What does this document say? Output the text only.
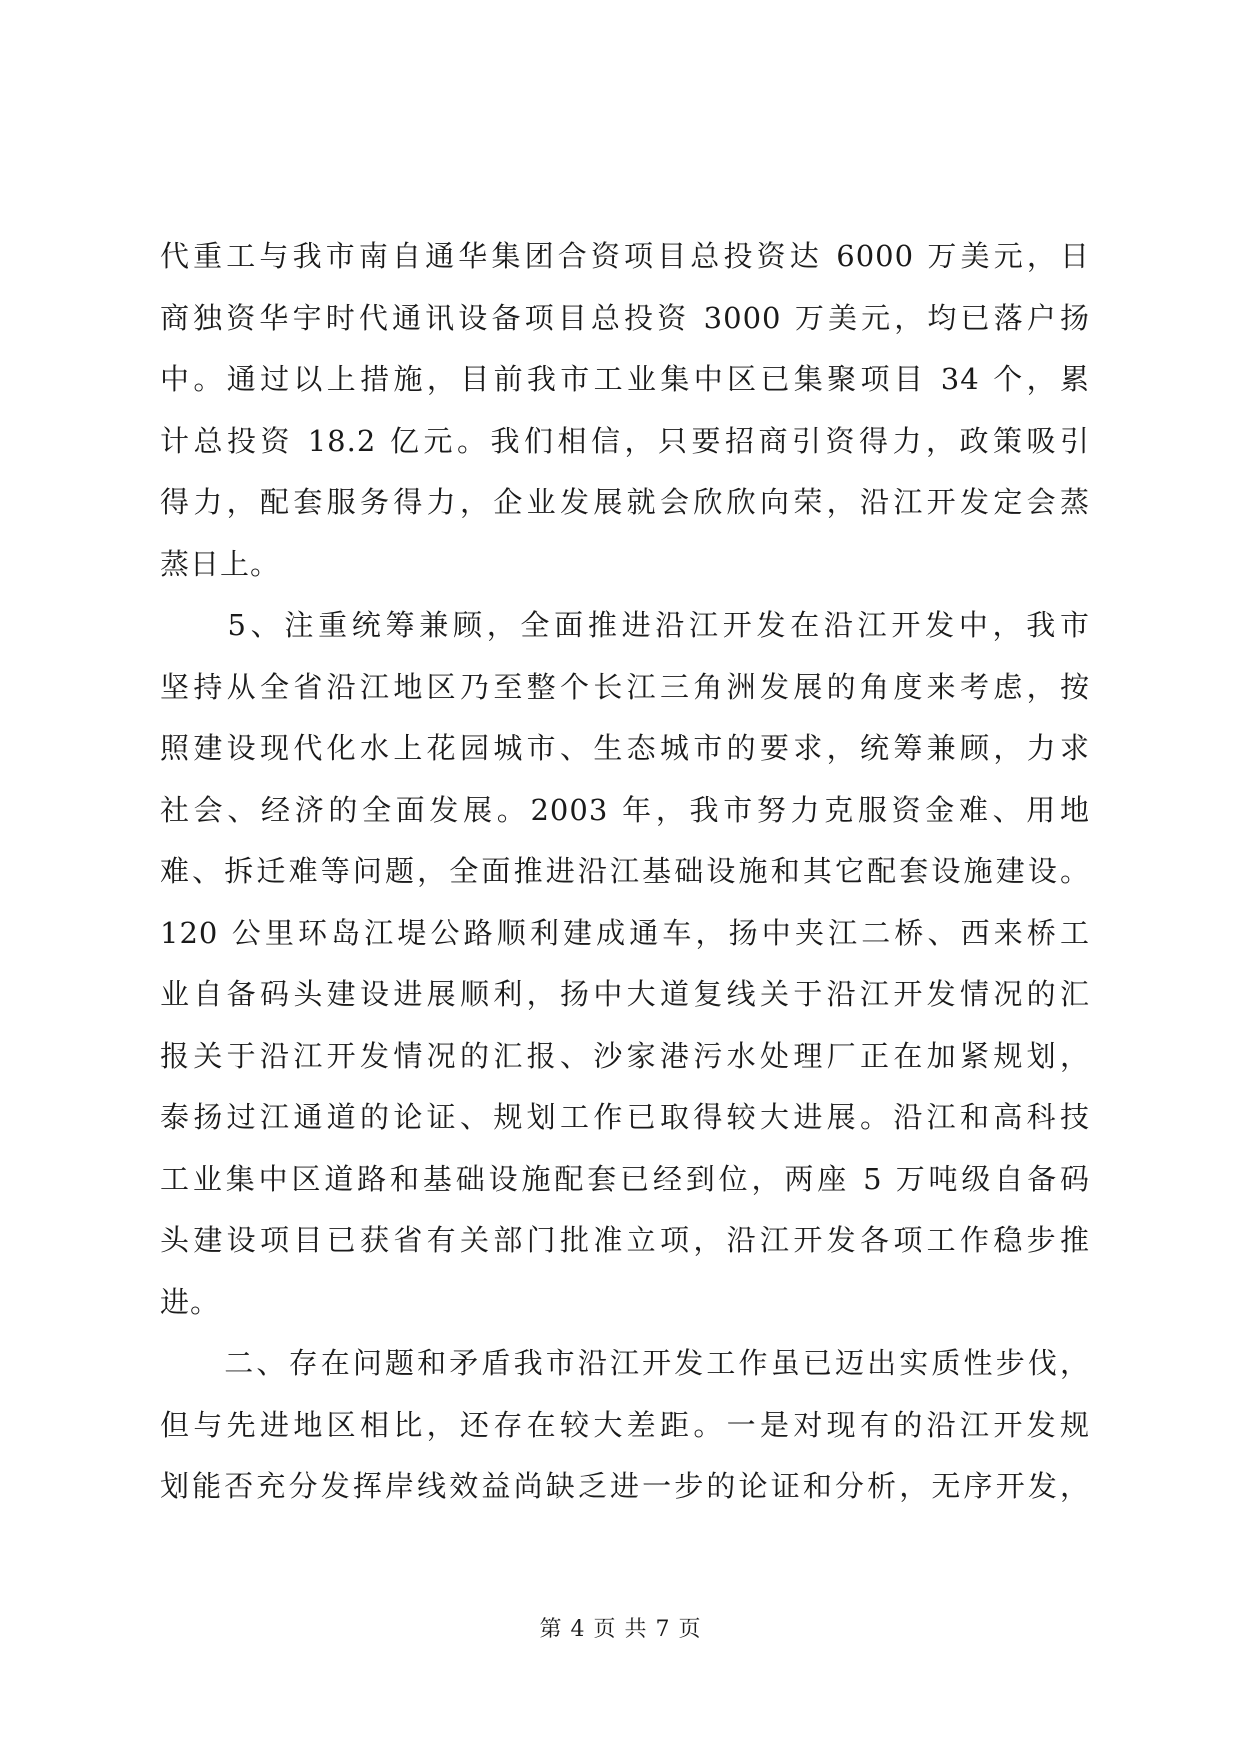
代重工与我市南自通华集团合资项目总投资达 6000 万美元，日
商独资华宇时代通讯设备项目总投资 3000 万美元，均已落户扬
中。通过以上措施，目前我市工业集中区已集聚项目 34 个，累
计总投资 18.2 亿元。我们相信，只要招商引资得力，政策吸引
得力，配套服务得力，企业发展就会欣欣向荣，沿江开发定会蒸
蒸日上。
　　5、注重统筹兼顾，全面推进沿江开发在沿江开发中，我市
坚持从全省沿江地区乃至整个长江三角洲发展的角度来考虑，按
照建设现代化水上花园城市、生态城市的要求，统筹兼顾，力求
社会、经济的全面发展。2003 年，我市努力克服资金难、用地
难、拆迁难等问题，全面推进沿江基础设施和其它配套设施建设。
120 公里环岛江堤公路顺利建成通车，扬中夹江二桥、西来桥工
业自备码头建设进展顺利，扬中大道复线关于沿江开发情况的汇
报关于沿江开发情况的汇报、沙家港污水处理厂正在加紧规划，
泰扬过江通道的论证、规划工作已取得较大进展。沿江和高科技
工业集中区道路和基础设施配套已经到位，两座 5 万吨级自备码
头建设项目已获省有关部门批准立项，沿江开发各项工作稳步推
进。
　　二、存在问题和矛盾我市沿江开发工作虽已迈出实质性步伐，
但与先进地区相比，还存在较大差距。一是对现有的沿江开发规
划能否充分发挥岸线效益尚缺乏进一步的论证和分析，无序开发，
第 4 页 共 7 页
